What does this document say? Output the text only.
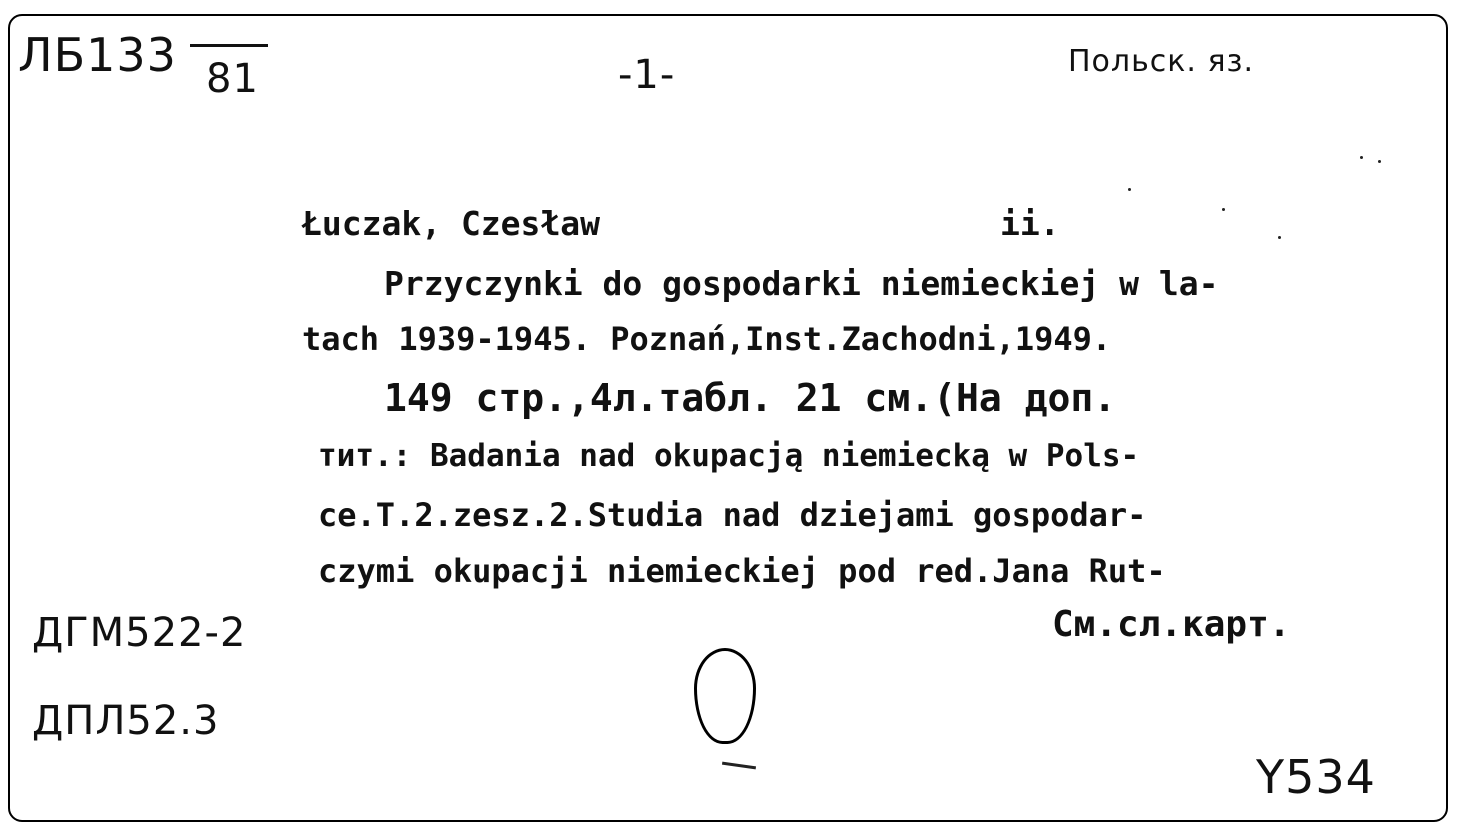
ЛБ133 81	-1-	Польск. яз.
Łuczak, Czesław	ii.
Przyczynki do gospodarki niemieckiej w la-
tach 1939-1945. Poznań,Inst.Zachodni,1949.
149 стр.,4л.табл. 21 см.(На доп.
тит.: Badania nad okupacją niemiecką w Pols-
ce.T.2.zesz.2.Studia nad dziejami gospodar-
czymi okupacji niemieckiej pod red.Jana Rut-
См.сл.карт.
ДГМ522-2
ДПЛ52.3
Y534
